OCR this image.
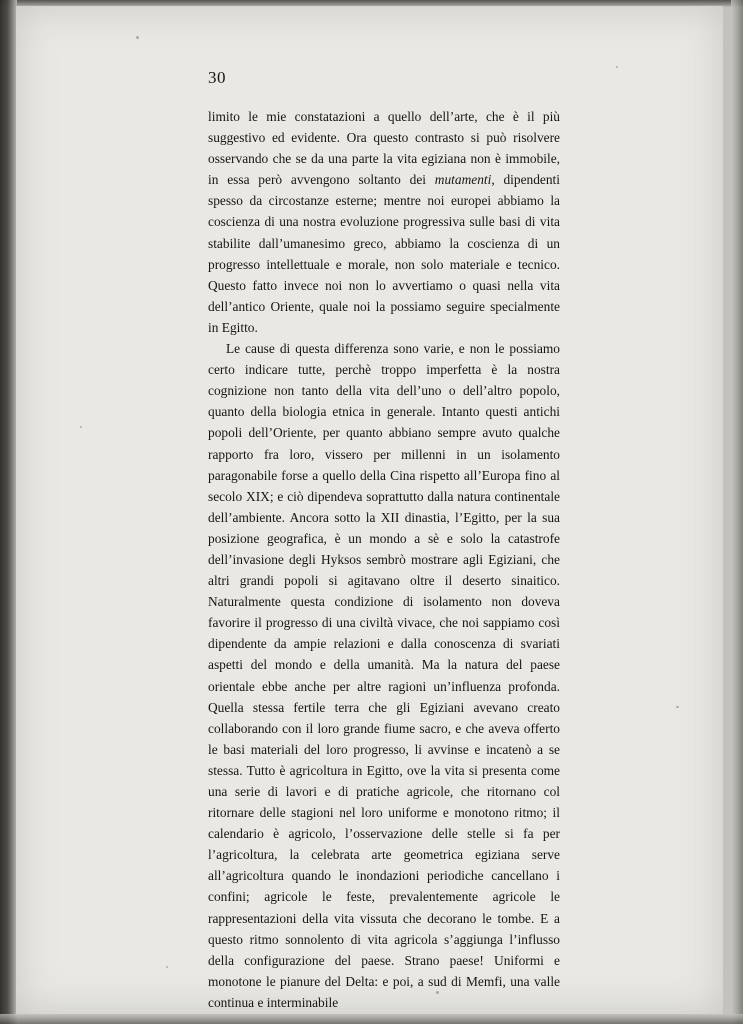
30

limito le mie constatazioni a quello dell’arte, che è il più suggestivo ed evidente. Ora questo contrasto si può risolvere osservando che se da una parte la vita egiziana non è immobile, in essa però avvengono soltanto dei mutamenti, dipendenti spesso da circostanze esterne; mentre noi europei abbiamo la coscienza di una nostra evoluzione progressiva sulle basi di vita stabilite dall’umanesimo greco, abbiamo la coscienza di un progresso intellettuale e morale, non solo materiale e tecnico. Questo fatto invece noi non lo avvertiamo o quasi nella vita dell’antico Oriente, quale noi la possiamo seguire specialmente in Egitto.

Le cause di questa differenza sono varie, e non le possiamo certo indicare tutte, perchè troppo imperfetta è la nostra cognizione non tanto della vita dell’uno o dell’altro popolo, quanto della biologia etnica in generale. Intanto questi antichi popoli dell’Oriente, per quanto abbiano sempre avuto qualche rapporto fra loro, vissero per millenni in un isolamento paragonabile forse a quello della Cina rispetto all’Europa fino al secolo XIX; e ciò dipendeva soprattutto dalla natura continentale dell’ambiente. Ancora sotto la XII dinastia, l’Egitto, per la sua posizione geografica, è un mondo a sè e solo la catastrofe dell’invasione degli Hyksos sembrò mostrare agli Egiziani, che altri grandi popoli si agitavano oltre il deserto sinaitico. Naturalmente questa condizione di isolamento non doveva favorire il progresso di una civiltà vivace, che noi sappiamo così dipendente da ampie relazioni e dalla conoscenza di svariati aspetti del mondo e della umanità. Ma la natura del paese orientale ebbe anche per altre ragioni un’influenza profonda. Quella stessa fertile terra che gli Egiziani avevano creato collaborando con il loro grande fiume sacro, e che aveva offerto le basi materiali del loro progresso, li avvinse e incatenò a se stessa. Tutto è agricoltura in Egitto, ove la vita si presenta come una serie di lavori e di pratiche agricole, che ritornano col ritornare delle stagioni nel loro uniforme e monotono ritmo; il calendario è agricolo, l’osservazione delle stelle si fa per l’agricoltura, la celebrata arte geometrica egiziana serve all’agricoltura quando le inondazioni periodiche cancellano i confini; agricole le feste, prevalentemente agricole le rappresentazioni della vita vissuta che decorano le tombe. E a questo ritmo sonnolento di vita agricola s’aggiunga l’influsso della configurazione del paese. Strano paese! Uniformi e monotone le pianure del Delta: e poi, a sud di Memfi, una valle continua e interminabile
